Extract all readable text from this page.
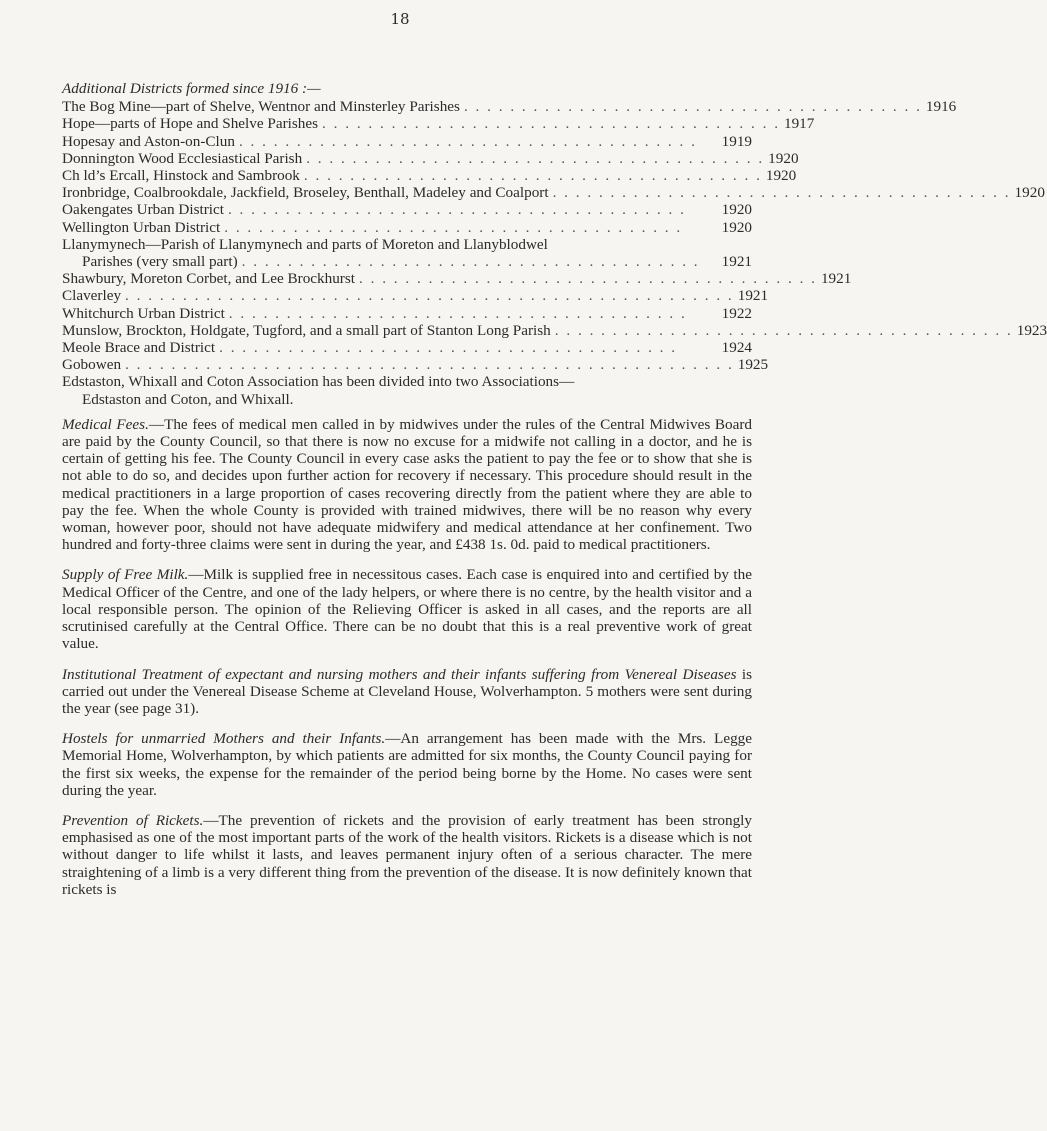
18
Additional Districts formed since 1916 :—
The Bog Mine—part of Shelve, Wentnor and Minsterley Parishes . . . . . . . . . . . . . . . . . . . . . . . . . . . . . . . . . . . . . . . . 1916
Hope—parts of Hope and Shelve Parishes . . . . . . . . . . . . . . . . . . . . . . . . . . . . . . . . . . . . . . . . 1917
Hopesay and Aston-on-Clun . . . . . . . . . . . . . . . . . . . . . . . . . . . . . . . . . . . . . . . .	1919
Donnington Wood Ecclesiastical Parish . . . . . . . . . . . . . . . . . . . . . . . . . . . . . . . . . . . . . . . . 1920
Ch ld’s Ercall, Hinstock and Sambrook . . . . . . . . . . . . . . . . . . . . . . . . . . . . . . . . . . . . . . . . 1920
Ironbridge, Coalbrookdale, Jackfield, Broseley, Benthall, Madeley and Coalport . . . . . . . . . . . . . . . . . . . . . . . . . . . . . . . . . . . . . . . . 1920
Oakengates Urban District . . . . . . . . . . . . . . . . . . . . . . . . . . . . . . . . . . . . . . . .	1920
Wellington Urban District . . . . . . . . . . . . . . . . . . . . . . . . . . . . . . . . . . . . . . . .	1920
Llanymynech—Parish of Llanymynech and parts of Moreton and Llanyblodwel
Parishes (very small part) . . . . . . . . . . . . . . . . . . . . . . . . . . . . . . . . . . . . . . . .	1921
Shawbury, Moreton Corbet, and Lee Brockhurst . . . . . . . . . . . . . . . . . . . . . . . . . . . . . . . . . . . . . . . . 1921
Claverley . . . . . . . . . . . . . . . . . . . . . . . . . . . . . . . . . . . . . . . . . . . . . . . . . . . . . 1921
Whitchurch Urban District . . . . . . . . . . . . . . . . . . . . . . . . . . . . . . . . . . . . . . . .	1922
Munslow, Brockton, Holdgate, Tugford, and a small part of Stanton Long Parish . . . . . . . . . . . . . . . . . . . . . . . . . . . . . . . . . . . . . . . . 1923
Meole Brace and District . . . . . . . . . . . . . . . . . . . . . . . . . . . . . . . . . . . . . . . .	1924
Gobowen . . . . . . . . . . . . . . . . . . . . . . . . . . . . . . . . . . . . . . . . . . . . . . . . . . . . . 1925
Edstaston, Whixall and Coton Association has been divided into two Associations—
Edstaston and Coton, and Whixall.

Medical Fees.—The fees of medical men called in by midwives under the rules of the Central Midwives Board are paid by the County Council, so that there is now no excuse for a midwife not calling in a doctor, and he is certain of getting his fee. The County Council in every case asks the patient to pay the fee or to show that she is not able to do so, and decides upon further action for recovery if necessary. This procedure should result in the medical practitioners in a large proportion of cases recovering directly from the patient where they are able to pay the fee. When the whole County is provided with trained midwives, there will be no reason why every woman, however poor, should not have adequate midwifery and medical attendance at her confinement. Two hundred and forty-three claims were sent in during the year, and £438 1s. 0d. paid to medical practitioners.

Supply of Free Milk.—Milk is supplied free in necessitous cases. Each case is enquired into and certified by the Medical Officer of the Centre, and one of the lady helpers, or where there is no centre, by the health visitor and a local responsible person. The opinion of the Relieving Officer is asked in all cases, and the reports are all scrutinised carefully at the Central Office. There can be no doubt that this is a real preventive work of great value.

Institutional Treatment of expectant and nursing mothers and their infants suffering from Venereal Diseases is carried out under the Venereal Disease Scheme at Cleveland House, Wolverhampton. 5 mothers were sent during the year (see page 31).

Hostels for unmarried Mothers and their Infants.—An arrangement has been made with the Mrs. Legge Memorial Home, Wolverhampton, by which patients are admitted for six months, the County Council paying for the first six weeks, the expense for the remainder of the period being borne by the Home. No cases were sent during the year.

Prevention of Rickets.—The prevention of rickets and the provision of early treatment has been strongly emphasised as one of the most important parts of the work of the health visitors. Rickets is a disease which is not without danger to life whilst it lasts, and leaves permanent injury often of a serious character. The mere straightening of a limb is a very different thing from the prevention of the disease. It is now definitely known that rickets is
